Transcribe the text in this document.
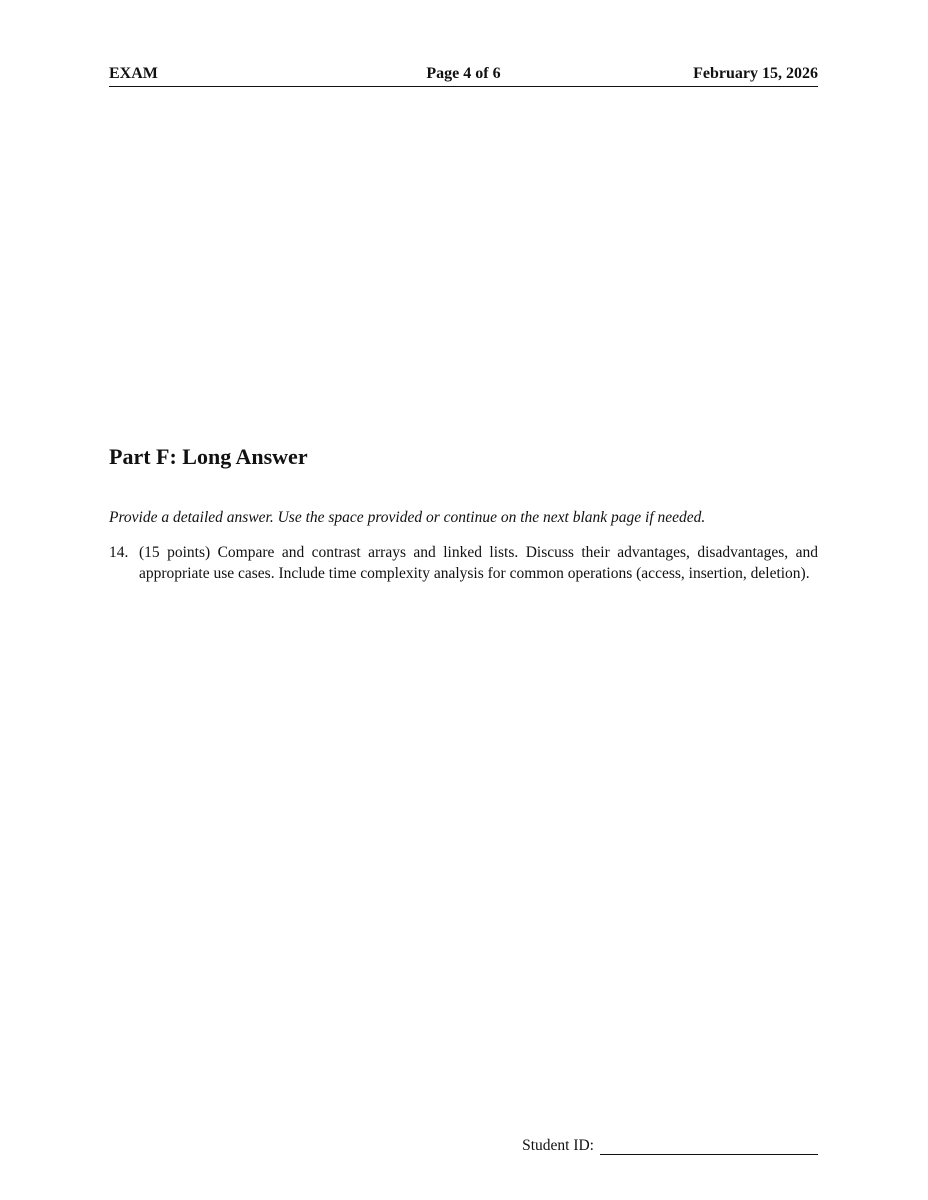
EXAM	Page 4 of 6	February 15, 2026
Part F: Long Answer

Provide a detailed answer. Use the space provided or continue on the next blank page if needed.

14. (15 points) Compare and contrast arrays and linked lists. Discuss their advantages, disadvantages, and appropriate use cases. Include time complexity analysis for common operations (access, insertion, deletion).
Student ID:
